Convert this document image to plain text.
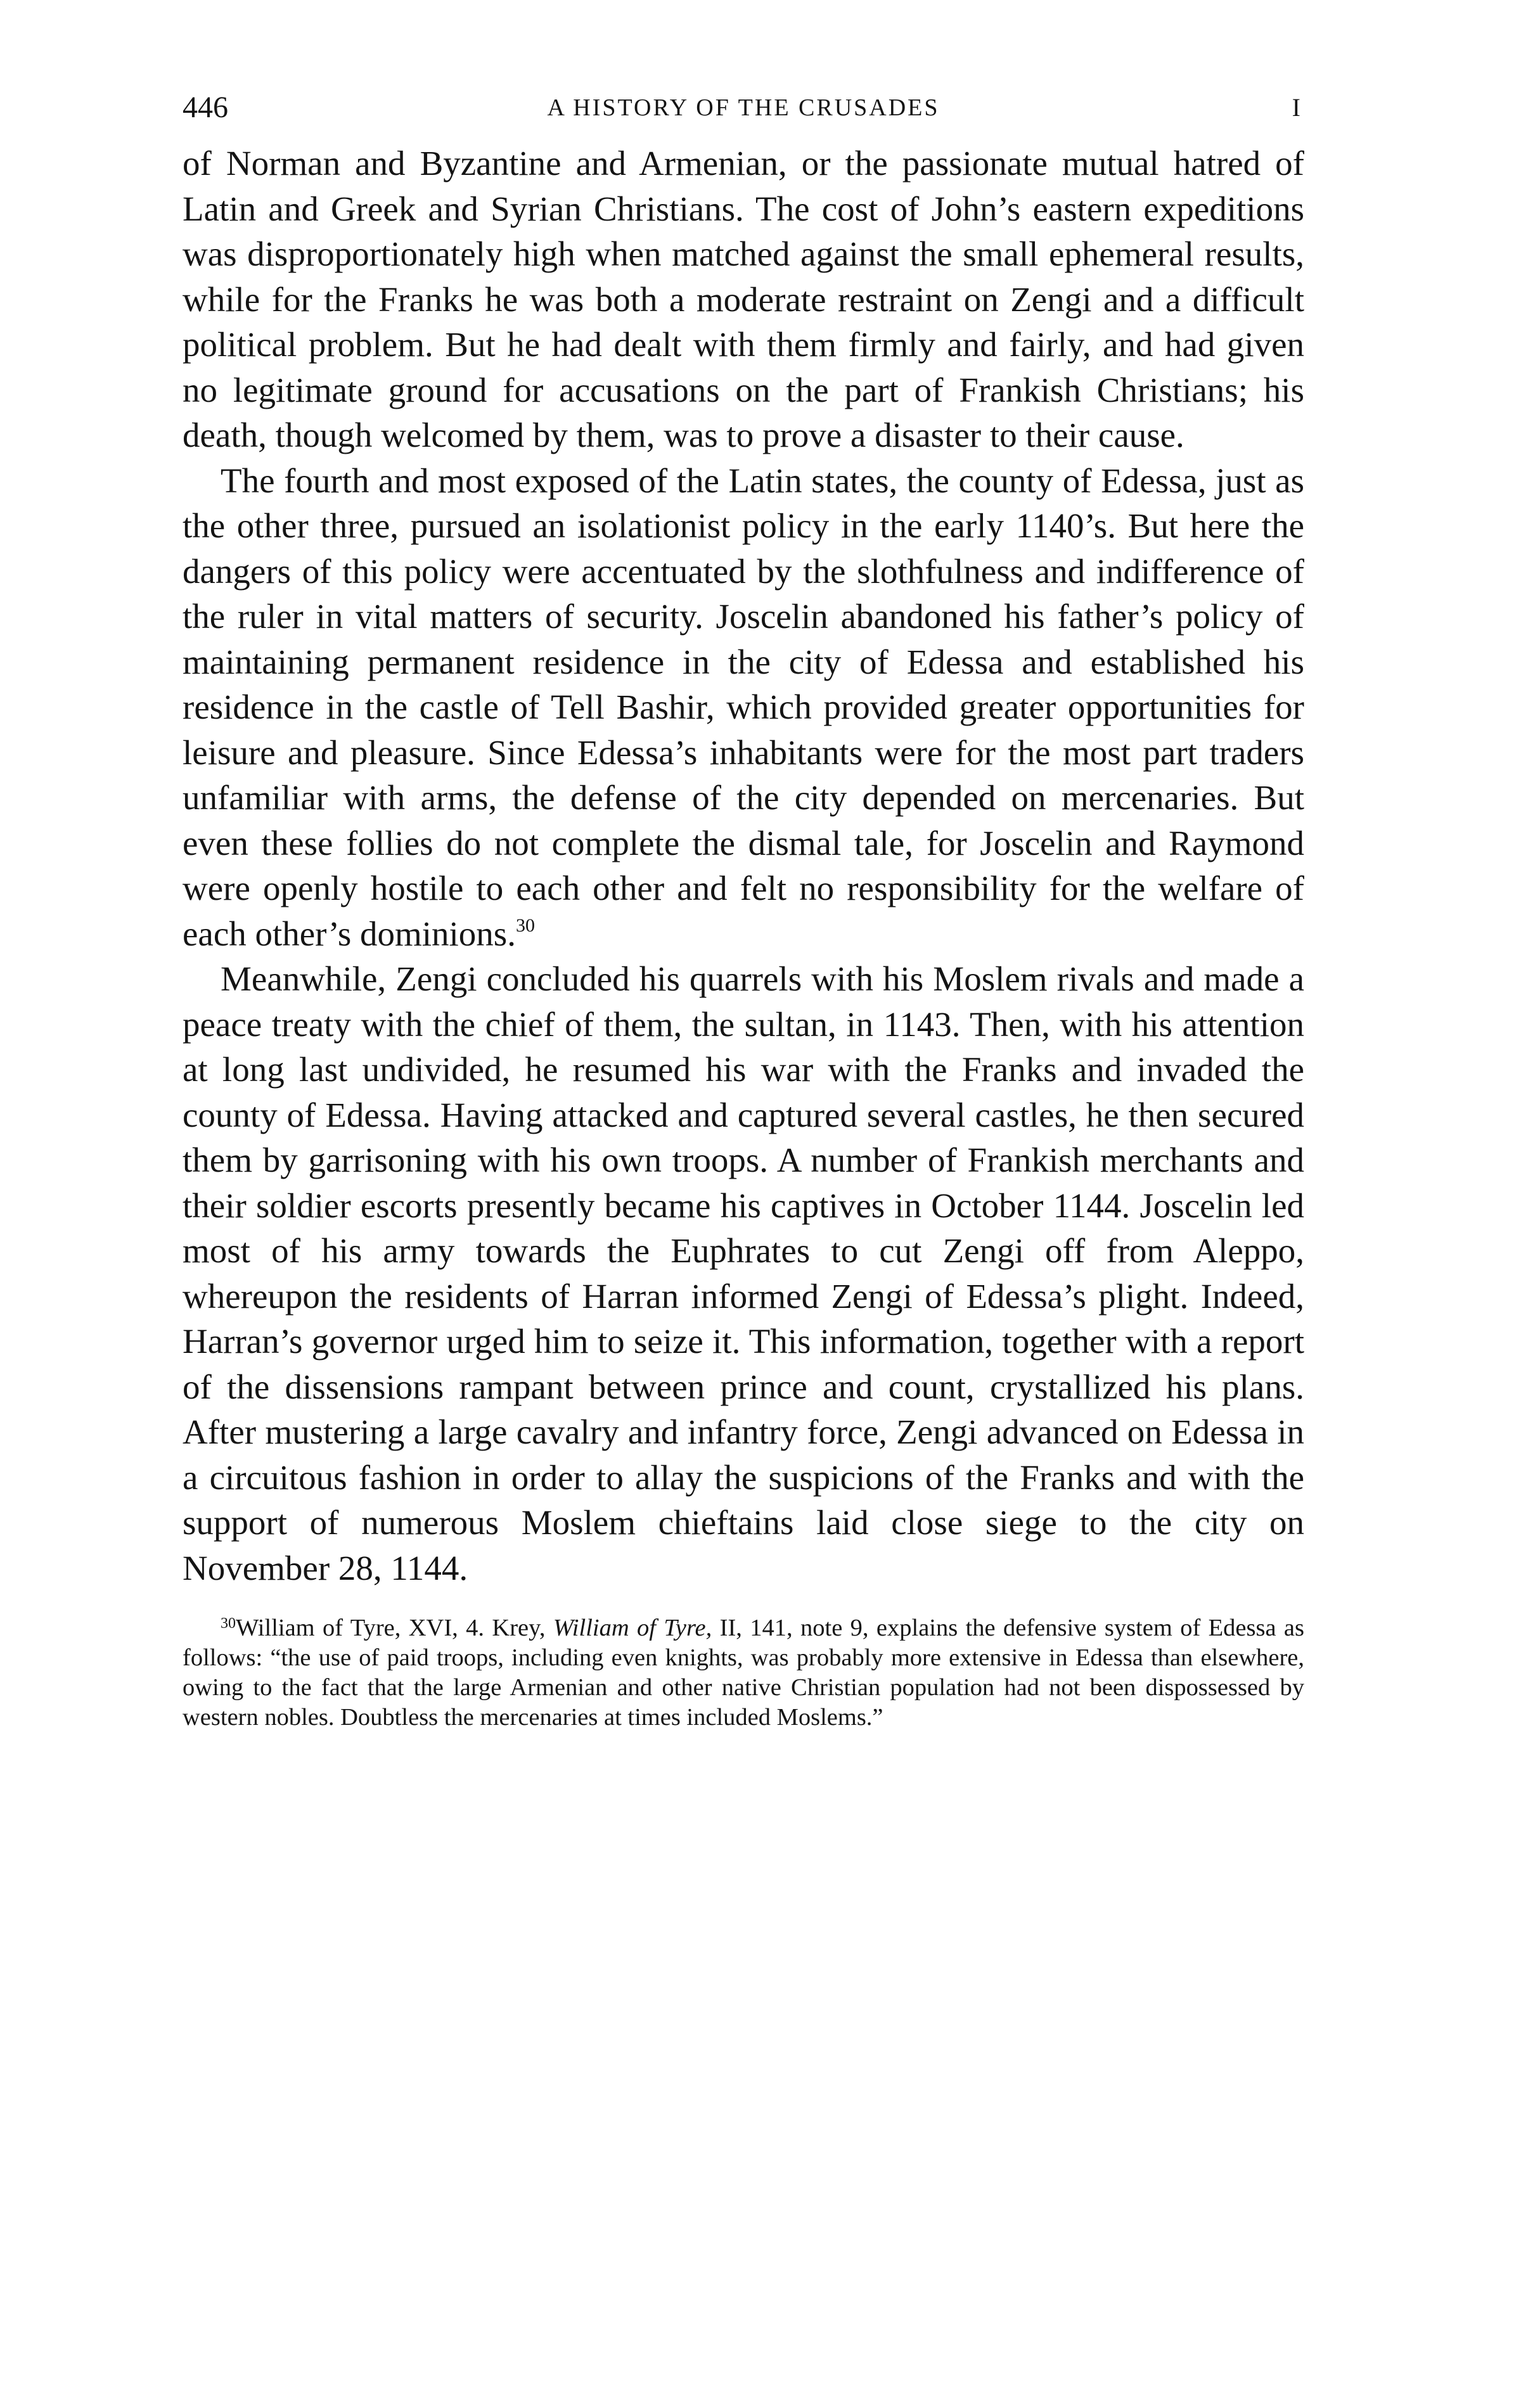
446	A HISTORY OF THE CRUSADES	I

of Norman and Byzantine and Armenian, or the passionate mutual hatred of Latin and Greek and Syrian Christians. The cost of John’s eastern expeditions was disproportionately high when matched against the small ephemeral results, while for the Franks he was both a moderate restraint on Zengi and a difficult political problem. But he had dealt with them firmly and fairly, and had given no legitimate ground for accusations on the part of Frankish Christians; his death, though welcomed by them, was to prove a disaster to their cause.

The fourth and most exposed of the Latin states, the county of Edessa, just as the other three, pursued an isolationist policy in the early 1140’s. But here the dangers of this policy were accentuated by the slothfulness and indifference of the ruler in vital matters of security. Joscelin abandoned his father’s policy of maintaining permanent residence in the city of Edessa and established his residence in the castle of Tell Bashir, which provided greater opportunities for leisure and pleasure. Since Edessa’s inhabitants were for the most part traders unfamiliar with arms, the defense of the city depended on mercenaries. But even these follies do not complete the dismal tale, for Joscelin and Raymond were openly hostile to each other and felt no responsibility for the welfare of each other’s dominions.$^{30}$

Meanwhile, Zengi concluded his quarrels with his Moslem rivals and made a peace treaty with the chief of them, the sultan, in 1143. Then, with his attention at long last undivided, he resumed his war with the Franks and invaded the county of Edessa. Having attacked and captured several castles, he then secured them by garrisoning with his own troops. A number of Frankish merchants and their soldier escorts presently became his captives in October 1144. Joscelin led most of his army towards the Euphrates to cut Zengi off from Aleppo, whereupon the residents of Harran informed Zengi of Edessa’s plight. Indeed, Harran’s governor urged him to seize it. This information, together with a report of the dissensions rampant between prince and count, crystallized his plans. After mustering a large cavalry and infantry force, Zengi advanced on Edessa in a circuitous fashion in order to allay the suspicions of the Franks and with the support of numerous Moslem chieftains laid close siege to the city on November 28, 1144.

$^{30}$William of Tyre, XVI, 4. Krey, William of Tyre, II, 141, note 9, explains the defensive system of Edessa as follows: “the use of paid troops, including even knights, was probably more extensive in Edessa than elsewhere, owing to the fact that the large Armenian and other native Christian population had not been dispossessed by western nobles. Doubtless the mercenaries at times included Moslems.”
